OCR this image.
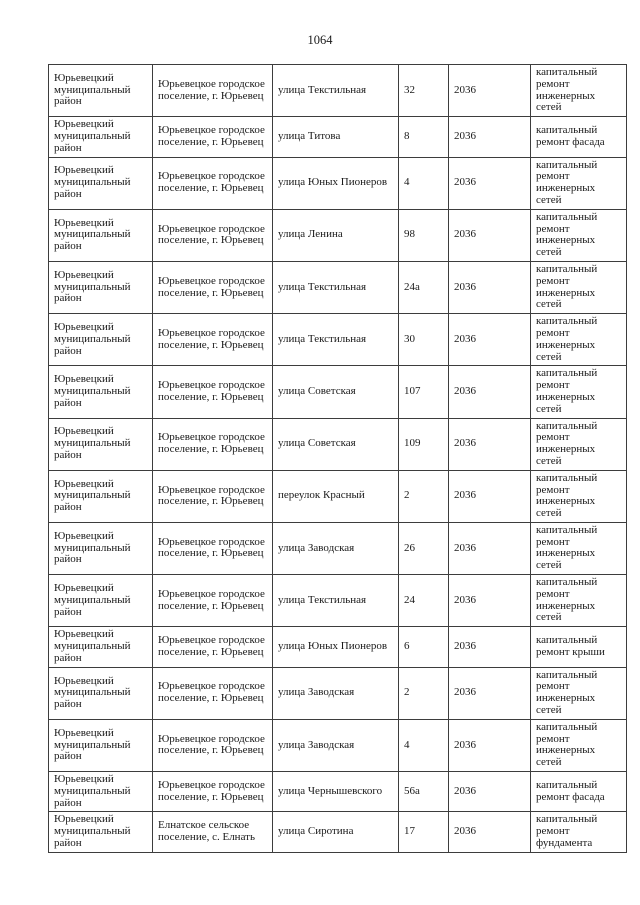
1064
Юрьевецкий муниципальный район	Юрьевецкое городское поселение, г. Юрьевец	улица Текстильная	32	2036	капитальный ремонт инженерных сетей
Юрьевецкий муниципальный район	Юрьевецкое городское поселение, г. Юрьевец	улица Титова	8	2036	капитальный ремонт фасада
Юрьевецкий муниципальный район	Юрьевецкое городское поселение, г. Юрьевец	улица Юных Пионеров	4	2036	капитальный ремонт инженерных сетей
Юрьевецкий муниципальный район	Юрьевецкое городское поселение, г. Юрьевец	улица Ленина	98	2036	капитальный ремонт инженерных сетей
Юрьевецкий муниципальный район	Юрьевецкое городское поселение, г. Юрьевец	улица Текстильная	24а	2036	капитальный ремонт инженерных сетей
Юрьевецкий муниципальный район	Юрьевецкое городское поселение, г. Юрьевец	улица Текстильная	30	2036	капитальный ремонт инженерных сетей
Юрьевецкий муниципальный район	Юрьевецкое городское поселение, г. Юрьевец	улица Советская	107	2036	капитальный ремонт инженерных сетей
Юрьевецкий муниципальный район	Юрьевецкое городское поселение, г. Юрьевец	улица Советская	109	2036	капитальный ремонт инженерных сетей
Юрьевецкий муниципальный район	Юрьевецкое городское поселение, г. Юрьевец	переулок Красный	2	2036	капитальный ремонт инженерных сетей
Юрьевецкий муниципальный район	Юрьевецкое городское поселение, г. Юрьевец	улица Заводская	26	2036	капитальный ремонт инженерных сетей
Юрьевецкий муниципальный район	Юрьевецкое городское поселение, г. Юрьевец	улица Текстильная	24	2036	капитальный ремонт инженерных сетей
Юрьевецкий муниципальный район	Юрьевецкое городское поселение, г. Юрьевец	улица Юных Пионеров	6	2036	капитальный ремонт крыши
Юрьевецкий муниципальный район	Юрьевецкое городское поселение, г. Юрьевец	улица Заводская	2	2036	капитальный ремонт инженерных сетей
Юрьевецкий муниципальный район	Юрьевецкое городское поселение, г. Юрьевец	улица Заводская	4	2036	капитальный ремонт инженерных сетей
Юрьевецкий муниципальный район	Юрьевецкое городское поселение, г. Юрьевец	улица Чернышевского	56а	2036	капитальный ремонт фасада
Юрьевецкий муниципальный район	Елнатское сельское поселение, с. Елнать	улица Сиротина	17	2036	капитальный ремонт фундамента
